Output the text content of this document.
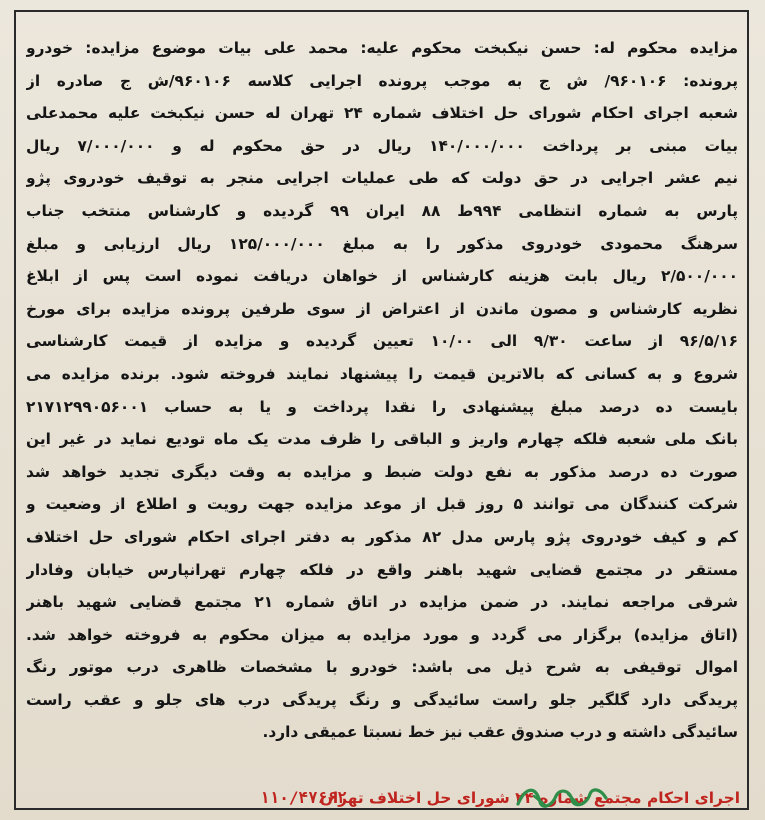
مزایده محکوم له: حسن نیکبخت محکوم علیه: محمد علی بیات موضوع مزایده: خودرو
پرونده: ۹۶۰۱۰۶/ ش ج به موجب پرونده اجرایی کلاسه ۹۶۰۱۰۶/ش ج صادره از
شعبه اجرای احکام شورای حل اختلاف شماره ۲۴ تهران له حسن نیکبخت علیه محمدعلی
بیات مبنی بر پرداخت ۱۴۰/۰۰۰/۰۰۰ ریال در حق محکوم له و ۷/۰۰۰/۰۰۰ ریال
نیم عشر اجرایی در حق دولت که طی عملیات اجرایی منجر به توقیف خودروی پژو
پارس به شماره انتظامی ۹۹۴ط ۸۸ ایران ۹۹ گردیده و کارشناس منتخب جناب
سرهنگ محمودی خودروی مذکور را به مبلغ ۱۲۵/۰۰۰/۰۰۰ ریال ارزیابی و مبلغ
۲/۵۰۰/۰۰۰ ریال بابت هزینه کارشناس از خواهان دریافت نموده است پس از ابلاغ
نظریه کارشناس و مصون ماندن از اعتراض از سوی طرفین پرونده مزایده برای مورخ
۹۶/۵/۱۶ از ساعت ۹/۳۰ الی ۱۰/۰۰ تعیین گردیده و مزایده از قیمت کارشناسی
شروع و به کسانی که بالاترین قیمت را پیشنهاد نمایند فروخته شود. برنده مزایده می
بایست ده درصد مبلغ پیشنهادی را نقدا پرداخت و یا به حساب ۲۱۷۱۲۹۹۰۵۶۰۰۱
بانک ملی شعبه فلکه چهارم واریز و الباقی را ظرف مدت یک ماه تودیع نماید در غیر این
صورت ده درصد مذکور به نفع دولت ضبط و مزایده به وقت دیگری تجدید خواهد شد
شرکت کنندگان می توانند ۵ روز قبل از موعد مزایده جهت رویت و اطلاع از وضعیت و
کم و کیف خودروی پژو پارس مدل ۸۲ مذکور به دفتر اجرای احکام شورای حل اختلاف
مستقر در مجتمع قضایی شهید باهنر واقع در فلکه چهارم تهرانپارس خیابان وفادار
شرقی مراجعه نمایند. در ضمن مزایده در اتاق شماره ۲۱ مجتمع قضایی شهید باهنر
(اتاق مزایده) برگزار می گردد و مورد مزایده به میزان محکوم به فروخته خواهد شد.
اموال توقیفی به شرح ذیل می باشد: خودرو با مشخصات ظاهری درب موتور رنگ
پریدگی دارد گلگیر جلو راست سائیدگی و رنگ پریدگی درب های جلو و عقب راست
سائیدگی داشته و درب صندوق عقب نیز خط نسبتا عمیقی دارد.
اجرای احکام مجتمع شماره ۲۴ شورای حل اختلاف تهران
۱۱۰/۴۷۶۶۲
